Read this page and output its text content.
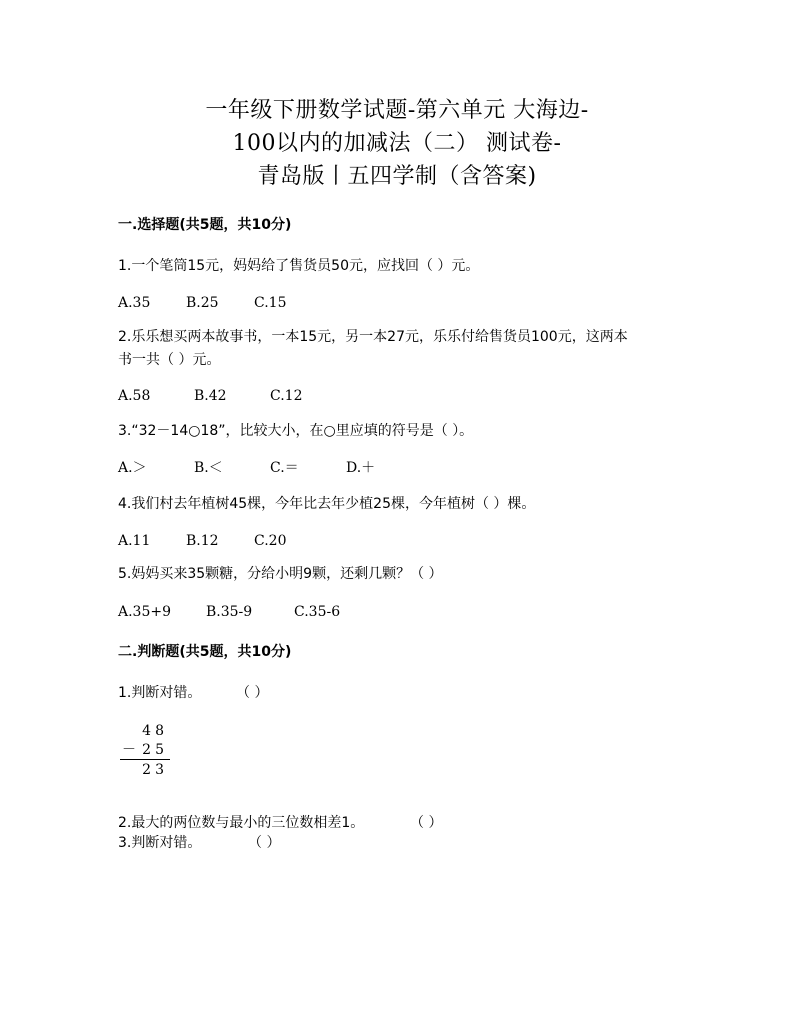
一年级下册数学试题-第六单元 大海边-
100以内的加减法（二） 测试卷-
青岛版丨五四学制（含答案)
一.选择题(共5题，共10分)
1.一个笔筒15元，妈妈给了售货员50元，应找回（ ）元。
A.35	B.25	C.15
2.乐乐想买两本故事书，一本15元，另一本27元，乐乐付给售货员100元，这两本
书一共（ ）元。
A.58	B.42	C.12
3.“32－14○18”，比较大小，在○里应填的符号是（ ）。
A.＞	B.＜	C.＝	D.＋
4.我们村去年植树45棵，今年比去年少植25棵，今年植树（ ）棵。
A.11	B.12	C.20
5.妈妈买来35颗糖，分给小明9颗，还剩几颗？（ ）
A.35+9 B.35-9	C.35-6
二.判断题(共5题，共10分)
1.判断对错。 （ ）
48
－ 25
23
2.最大的两位数与最小的三位数相差1。	（ ）
3.判断对错。	（ ）
